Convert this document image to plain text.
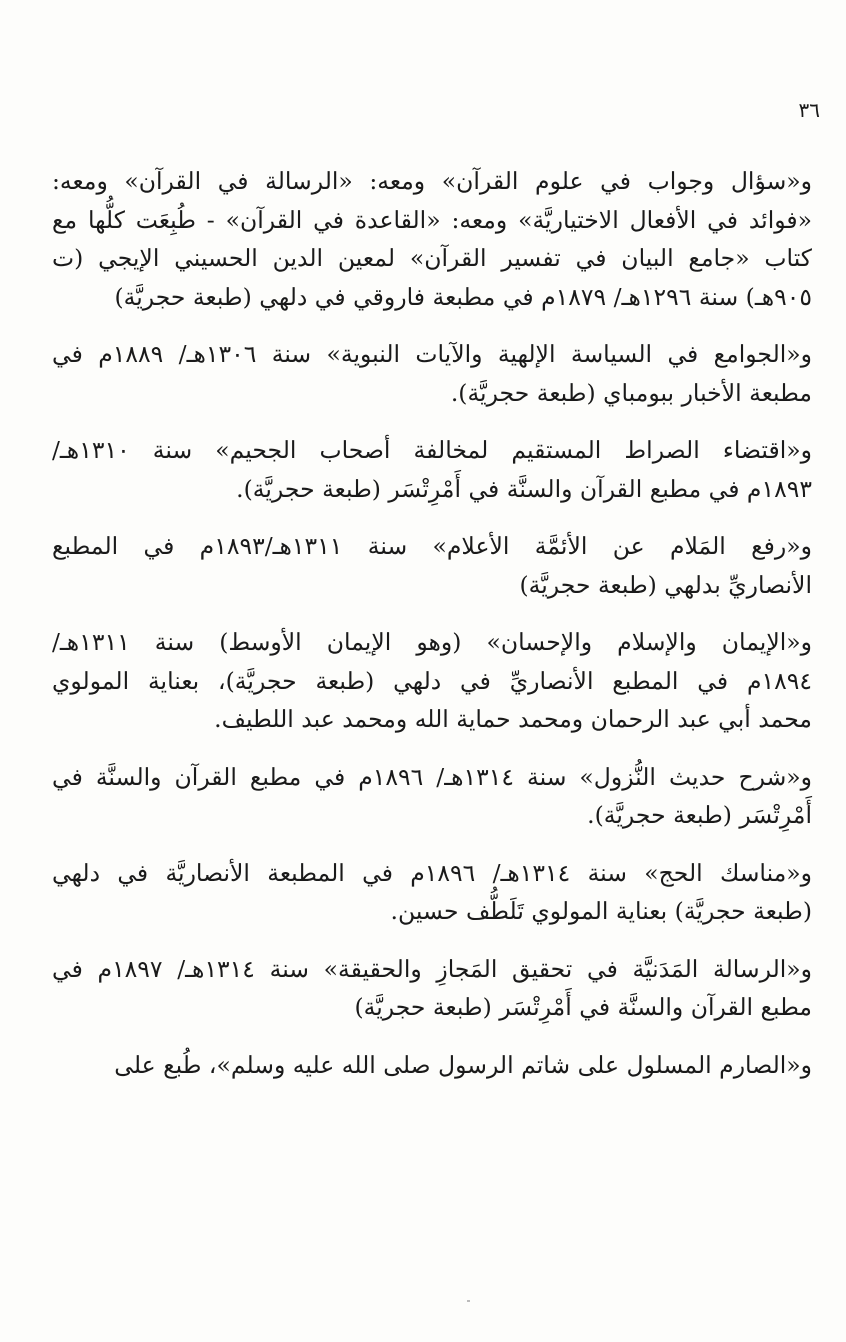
٣٦

و«سؤال وجواب في علوم القرآن» ومعه: «الرسالة في القرآن» ومعه:
«فوائد في الأفعال الاختياريَّة» ومعه: «القاعدة في القرآن» - طُبِعَت كلُّها مع
كتاب «جامع البيان في تفسير القرآن» لمعين الدين الحسيني الإيجي (ت
٩٠٥هـ) سنة ١٢٩٦هـ/ ١٨٧٩م في مطبعة فاروقي في دلهي (طبعة حجريَّة)

و«الجوامع في السياسة الإلهية والآيات النبوية» سنة ١٣٠٦هـ/ ١٨٨٩م في
مطبعة الأخبار ببومباي (طبعة حجريَّة).

و«اقتضاء الصراط المستقيم لمخالفة أصحاب الجحيم» سنة ١٣١٠هـ/
١٨٩٣م في مطبع القرآن والسنَّة في أَمْرِتْسَر (طبعة حجريَّة).

و«رفع المَلام عن الأئمَّة الأعلام» سنة ١٣١١هـ/١٨٩٣م في المطبع
الأنصاريِّ بدلهي (طبعة حجريَّة)

و«الإيمان والإسلام والإحسان» (وهو الإيمان الأوسط) سنة ١٣١١هـ/
١٨٩٤م في المطبع الأنصاريِّ في دلهي (طبعة حجريَّة)، بعناية المولوي
محمد أبي عبد الرحمان ومحمد حماية الله ومحمد عبد اللطيف.

و«شرح حديث النُّزول» سنة ١٣١٤هـ/ ١٨٩٦م في مطبع القرآن والسنَّة في
أَمْرِتْسَر (طبعة حجريَّة).

و«مناسك الحج» سنة ١٣١٤هـ/ ١٨٩٦م في المطبعة الأنصاريَّة في دلهي
(طبعة حجريَّة) بعناية المولوي تَلَطُّف حسين.

و«الرسالة المَدَنيَّة في تحقيق المَجازِ والحقيقة» سنة ١٣١٤هـ/ ١٨٩٧م في
مطبع القرآن والسنَّة في أَمْرِتْسَر (طبعة حجريَّة)

و«الصارم المسلول على شاتم الرسول صلى الله عليه وسلم»، طُبع على
